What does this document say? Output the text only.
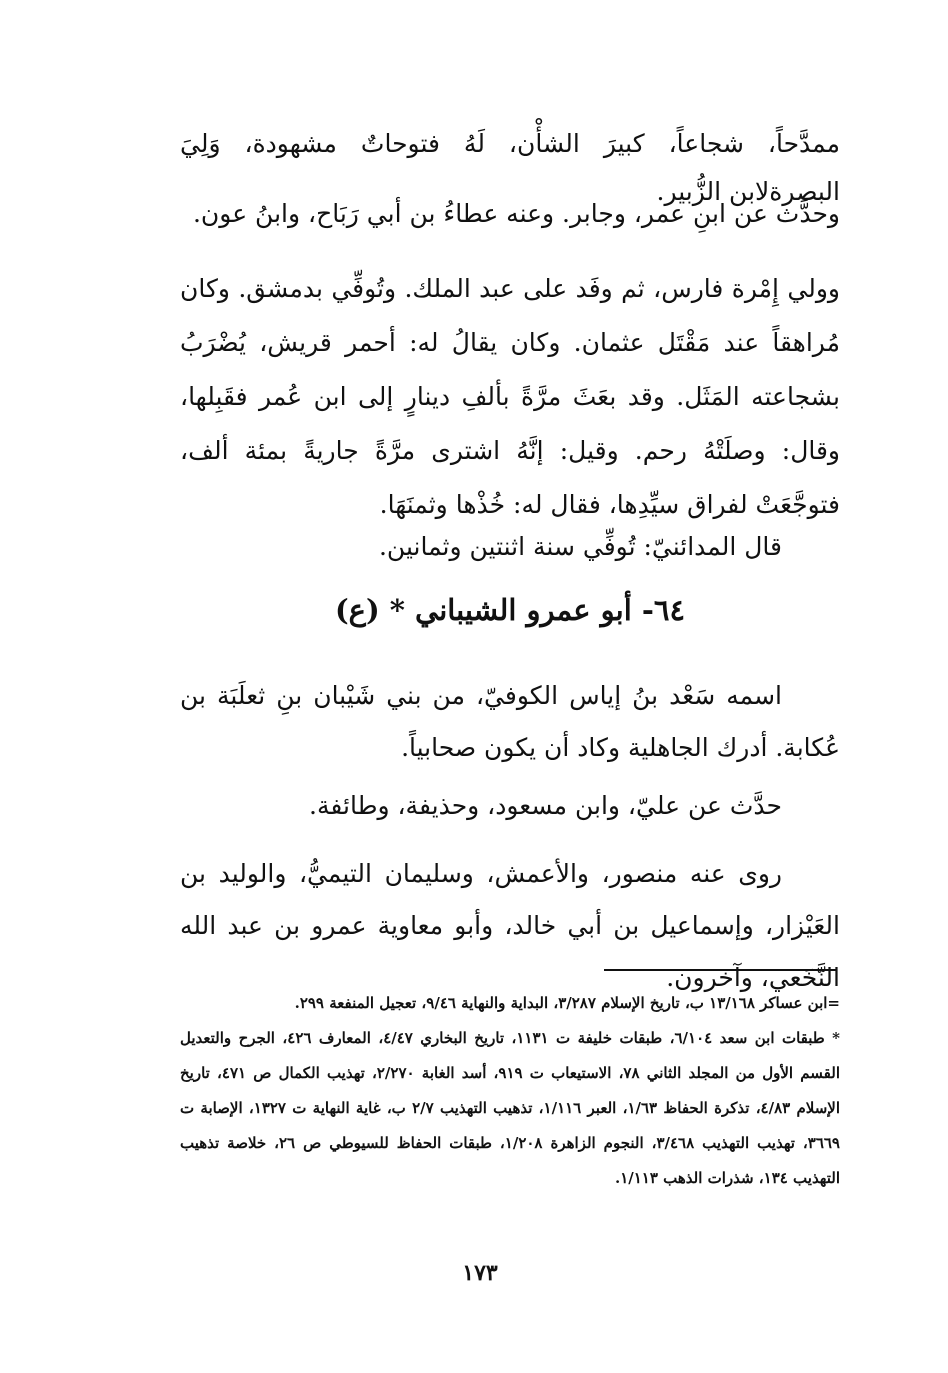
ممدَّحاً، شجاعاً، كبيرَ الشأْن، لَهُ فتوحاتٌ مشهودة، وَلِيَ البصرةلابن الزُّبير.

وحدَّث عن ابنِ عمر، وجابر. وعنه عطاءُ بن أبي رَبَاح، وابنُ عون.

وولي إِمْرة فارس، ثم وفَد على عبد الملك. وتُوفِّي بدمشق. وكان مُراهقاً عند مَقْتَل عثمان. وكان يقالُ له: أحمر قريش، يُضْرَبُ بشجاعته المَثَل. وقد بعَثَ مرَّةً بألفِ دينارٍ إلى ابن عُمر فقَبِلها، وقال: وصلَتْهُ رحم. وقيل: إنَّهُ اشترى مرَّةً جاريةً بمئة ألف، فتوجَّعَتْ لفراق سيِّدِها، فقال له: خُذْها وثمنَهَا.

قال المدائنيّ: تُوفِّي سنة اثنتين وثمانين.

٦٤- أبو عمرو الشيباني * (ع)

اسمه سَعْد بنُ إياس الكوفيّ، من بني شَيْبان بنِ ثعلَبَة بن عُكابة. أدرك الجاهلية وكاد أن يكون صحابياً.

حدَّث عن عليّ، وابن مسعود، وحذيفة، وطائفة.

روى عنه منصور، والأعمش، وسليمان التيميُّ، والوليد بن العَيْزار، وإسماعيل بن أبي خالد، وأبو معاوية عمرو بن عبد الله النَّخَعي، وآخرون.

=ابن عساكر ١٣/١٦٨ ب، تاريخ الإسلام ٣/٢٨٧، البداية والنهاية ٩/٤٦، تعجيل المنفعة ٢٩٩.

* طبقات ابن سعد ٦/١٠٤، طبقات خليفة ت ١١٣١، تاريخ البخاري ٤/٤٧، المعارف ٤٢٦، الجرح والتعديل القسم الأول من المجلد الثاني ٧٨، الاستيعاب ت ٩١٩، أسد الغابة ٢/٢٧٠، تهذيب الكمال ص ٤٧١، تاريخ الإسلام ٤/٨٣، تذكرة الحفاظ ١/٦٣، العبر ١/١١٦، تذهيب التهذيب ٢/٧ ب، غاية النهاية ت ١٣٢٧، الإصابة ت ٣٦٦٩، تهذيب التهذيب ٣/٤٦٨، النجوم الزاهرة ١/٢٠٨، طبقات الحفاظ للسيوطي ص ٢٦، خلاصة تذهيب التهذيب ١٣٤، شذرات الذهب ١/١١٣.

١٧٣
